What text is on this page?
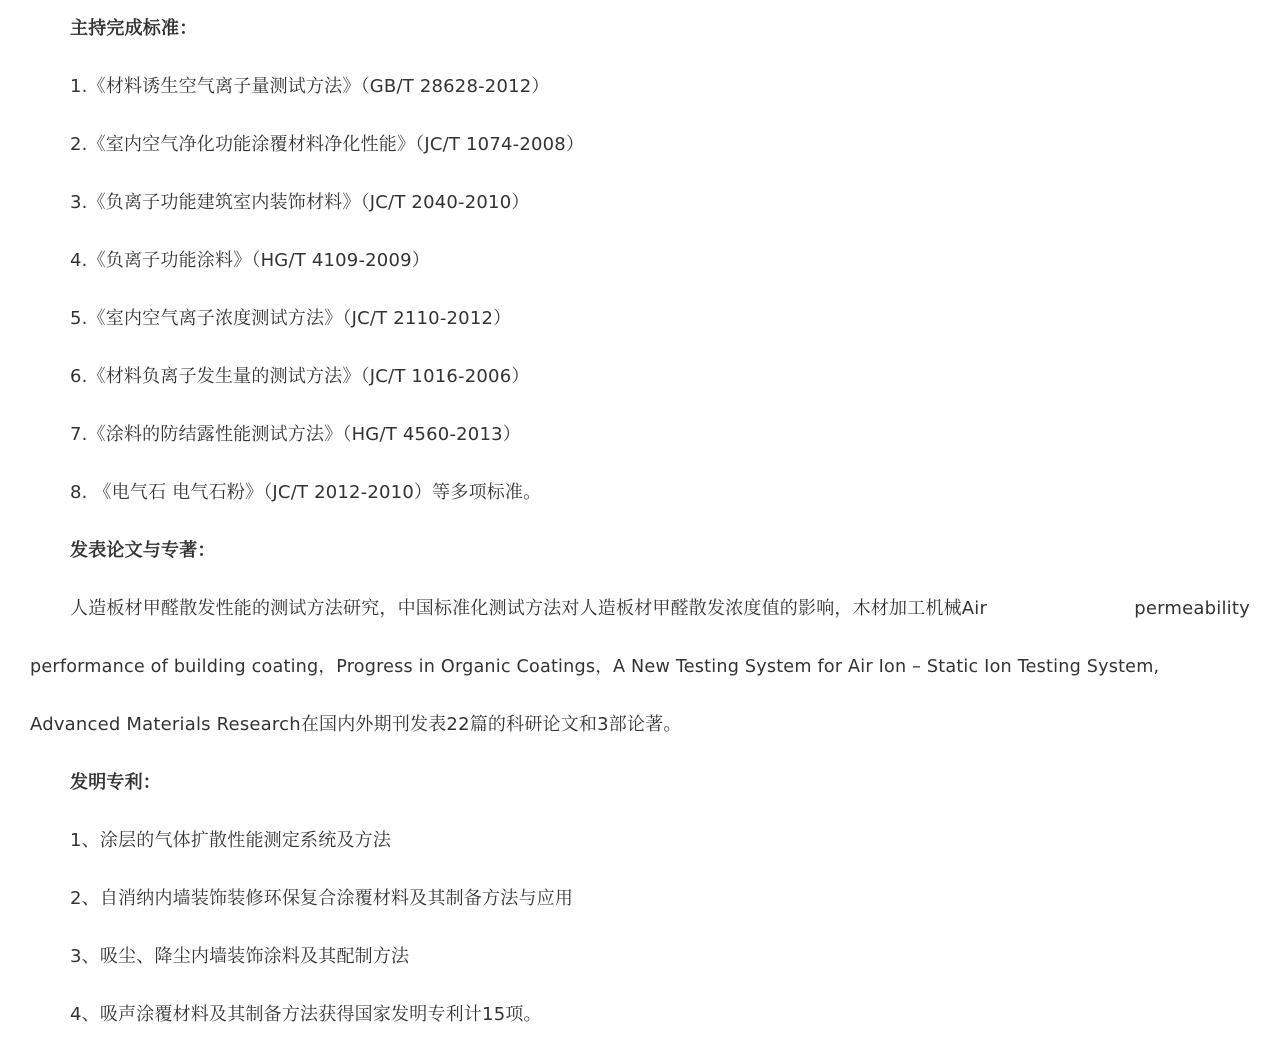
主持完成标准：
1.《材料诱生空气离子量测试方法》（GB/T 28628-2012）
2.《室内空气净化功能涂覆材料净化性能》（JC/T 1074-2008）
3.《负离子功能建筑室内装饰材料》（JC/T 2040-2010）
4.《负离子功能涂料》（HG/T 4109-2009）
5.《室内空气离子浓度测试方法》（JC/T 2110-2012）
6.《材料负离子发生量的测试方法》（JC/T 1016-2006）
7.《涂料的防结露性能测试方法》（HG/T 4560-2013）
8. 《电气石 电气石粉》（JC/T 2012-2010）等多项标准。
发表论文与专著：
人造板材甲醛散发性能的测试方法研究，中国标准化测试方法对人造板材甲醛散发浓度值的影响，木材加工机械Air	permeability
performance of building coating，Progress in Organic Coatings，A New Testing System for Air Ion – Static Ion Testing System,
Advanced Materials Research在国内外期刊发表22篇的科研论文和3部论著。
发明专利：
1、涂层的气体扩散性能测定系统及方法
2、自消纳内墙装饰装修环保复合涂覆材料及其制备方法与应用
3、吸尘、降尘内墙装饰涂料及其配制方法
4、吸声涂覆材料及其制备方法获得国家发明专利计15项。
